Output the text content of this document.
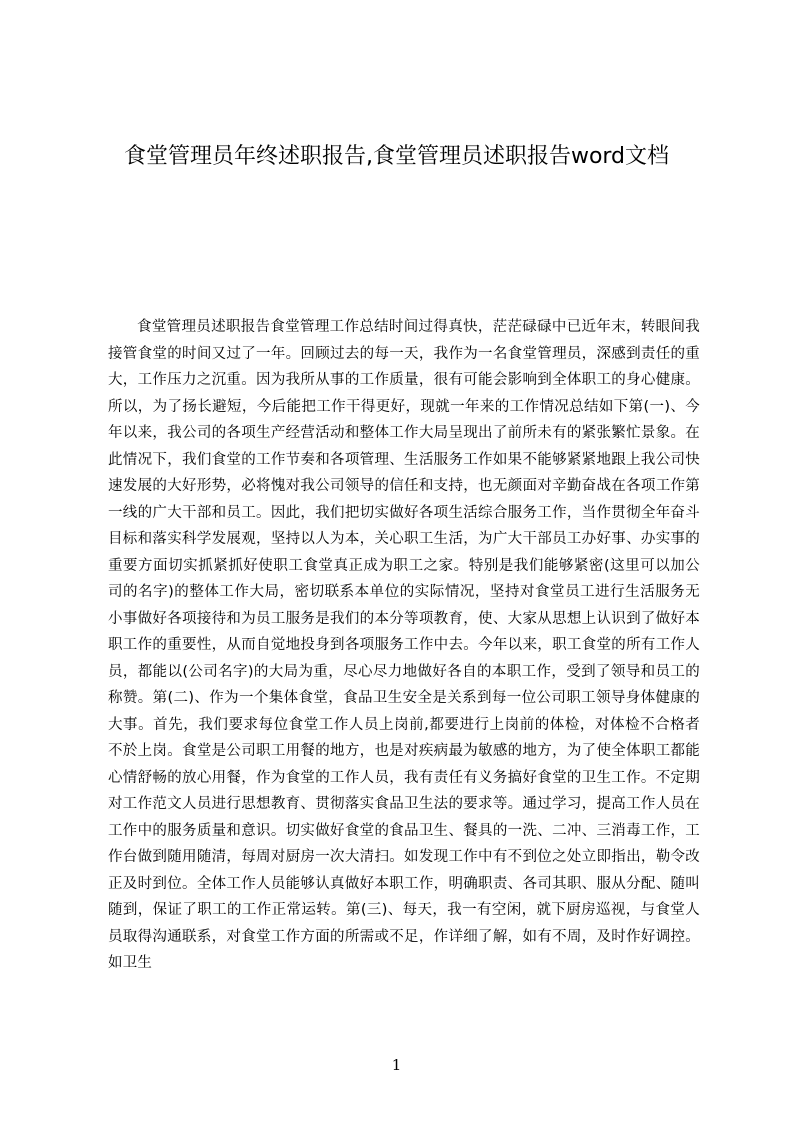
食堂管理员年终述职报告,食堂管理员述职报告word文档

食堂管理员述职报告食堂管理工作总结时间过得真快，茫茫碌碌中已近年末，转眼间我接管食堂的时间又过了一年。回顾过去的每一天，我作为一名食堂管理员，深感到责任的重大，工作压力之沉重。因为我所从事的工作质量，很有可能会影响到全体职工的身心健康。所以，为了扬长避短，今后能把工作干得更好，现就一年来的工作情况总结如下第(一)、今年以来，我公司的各项生产经营活动和整体工作大局呈现出了前所未有的紧张繁忙景象。在此情况下，我们食堂的工作节奏和各项管理、生活服务工作如果不能够紧紧地跟上我公司快速发展的大好形势，必将愧对我公司领导的信任和支持，也无颜面对辛勤奋战在各项工作第一线的广大干部和员工。因此，我们把切实做好各项生活综合服务工作，当作贯彻全年奋斗目标和落实科学发展观，坚持以人为本，关心职工生活，为广大干部员工办好事、办实事的重要方面切实抓紧抓好使职工食堂真正成为职工之家。特别是我们能够紧密(这里可以加公司的名字)的整体工作大局，密切联系本单位的实际情况，坚持对食堂员工进行生活服务无小事做好各项接待和为员工服务是我们的本分等项教育，使、大家从思想上认识到了做好本职工作的重要性，从而自觉地投身到各项服务工作中去。今年以来，职工食堂的所有工作人员，都能以(公司名字)的大局为重，尽心尽力地做好各自的本职工作，受到了领导和员工的称赞。第(二)、作为一个集体食堂，食品卫生安全是关系到每一位公司职工领导身体健康的大事。首先，我们要求每位食堂工作人员上岗前,都要进行上岗前的体检，对体检不合格者不於上岗。食堂是公司职工用餐的地方，也是对疾病最为敏感的地方，为了使全体职工都能心情舒畅的放心用餐，作为食堂的工作人员，我有责任有义务搞好食堂的卫生工作。不定期对工作范文人员进行思想教育、贯彻落实食品卫生法的要求等。通过学习，提高工作人员在工作中的服务质量和意识。切实做好食堂的食品卫生、餐具的一洗、二冲、三消毒工作，工作台做到随用随清，每周对厨房一次大清扫。如发现工作中有不到位之处立即指出，勒令改正及时到位。全体工作人员能够认真做好本职工作，明确职责、各司其职、服从分配、随叫随到，保证了职工的工作正常运转。第(三)、每天，我一有空闲，就下厨房巡视，与食堂人员取得沟通联系，对食堂工作方面的所需或不足，作详细了解，如有不周，及时作好调控。如卫生

1
